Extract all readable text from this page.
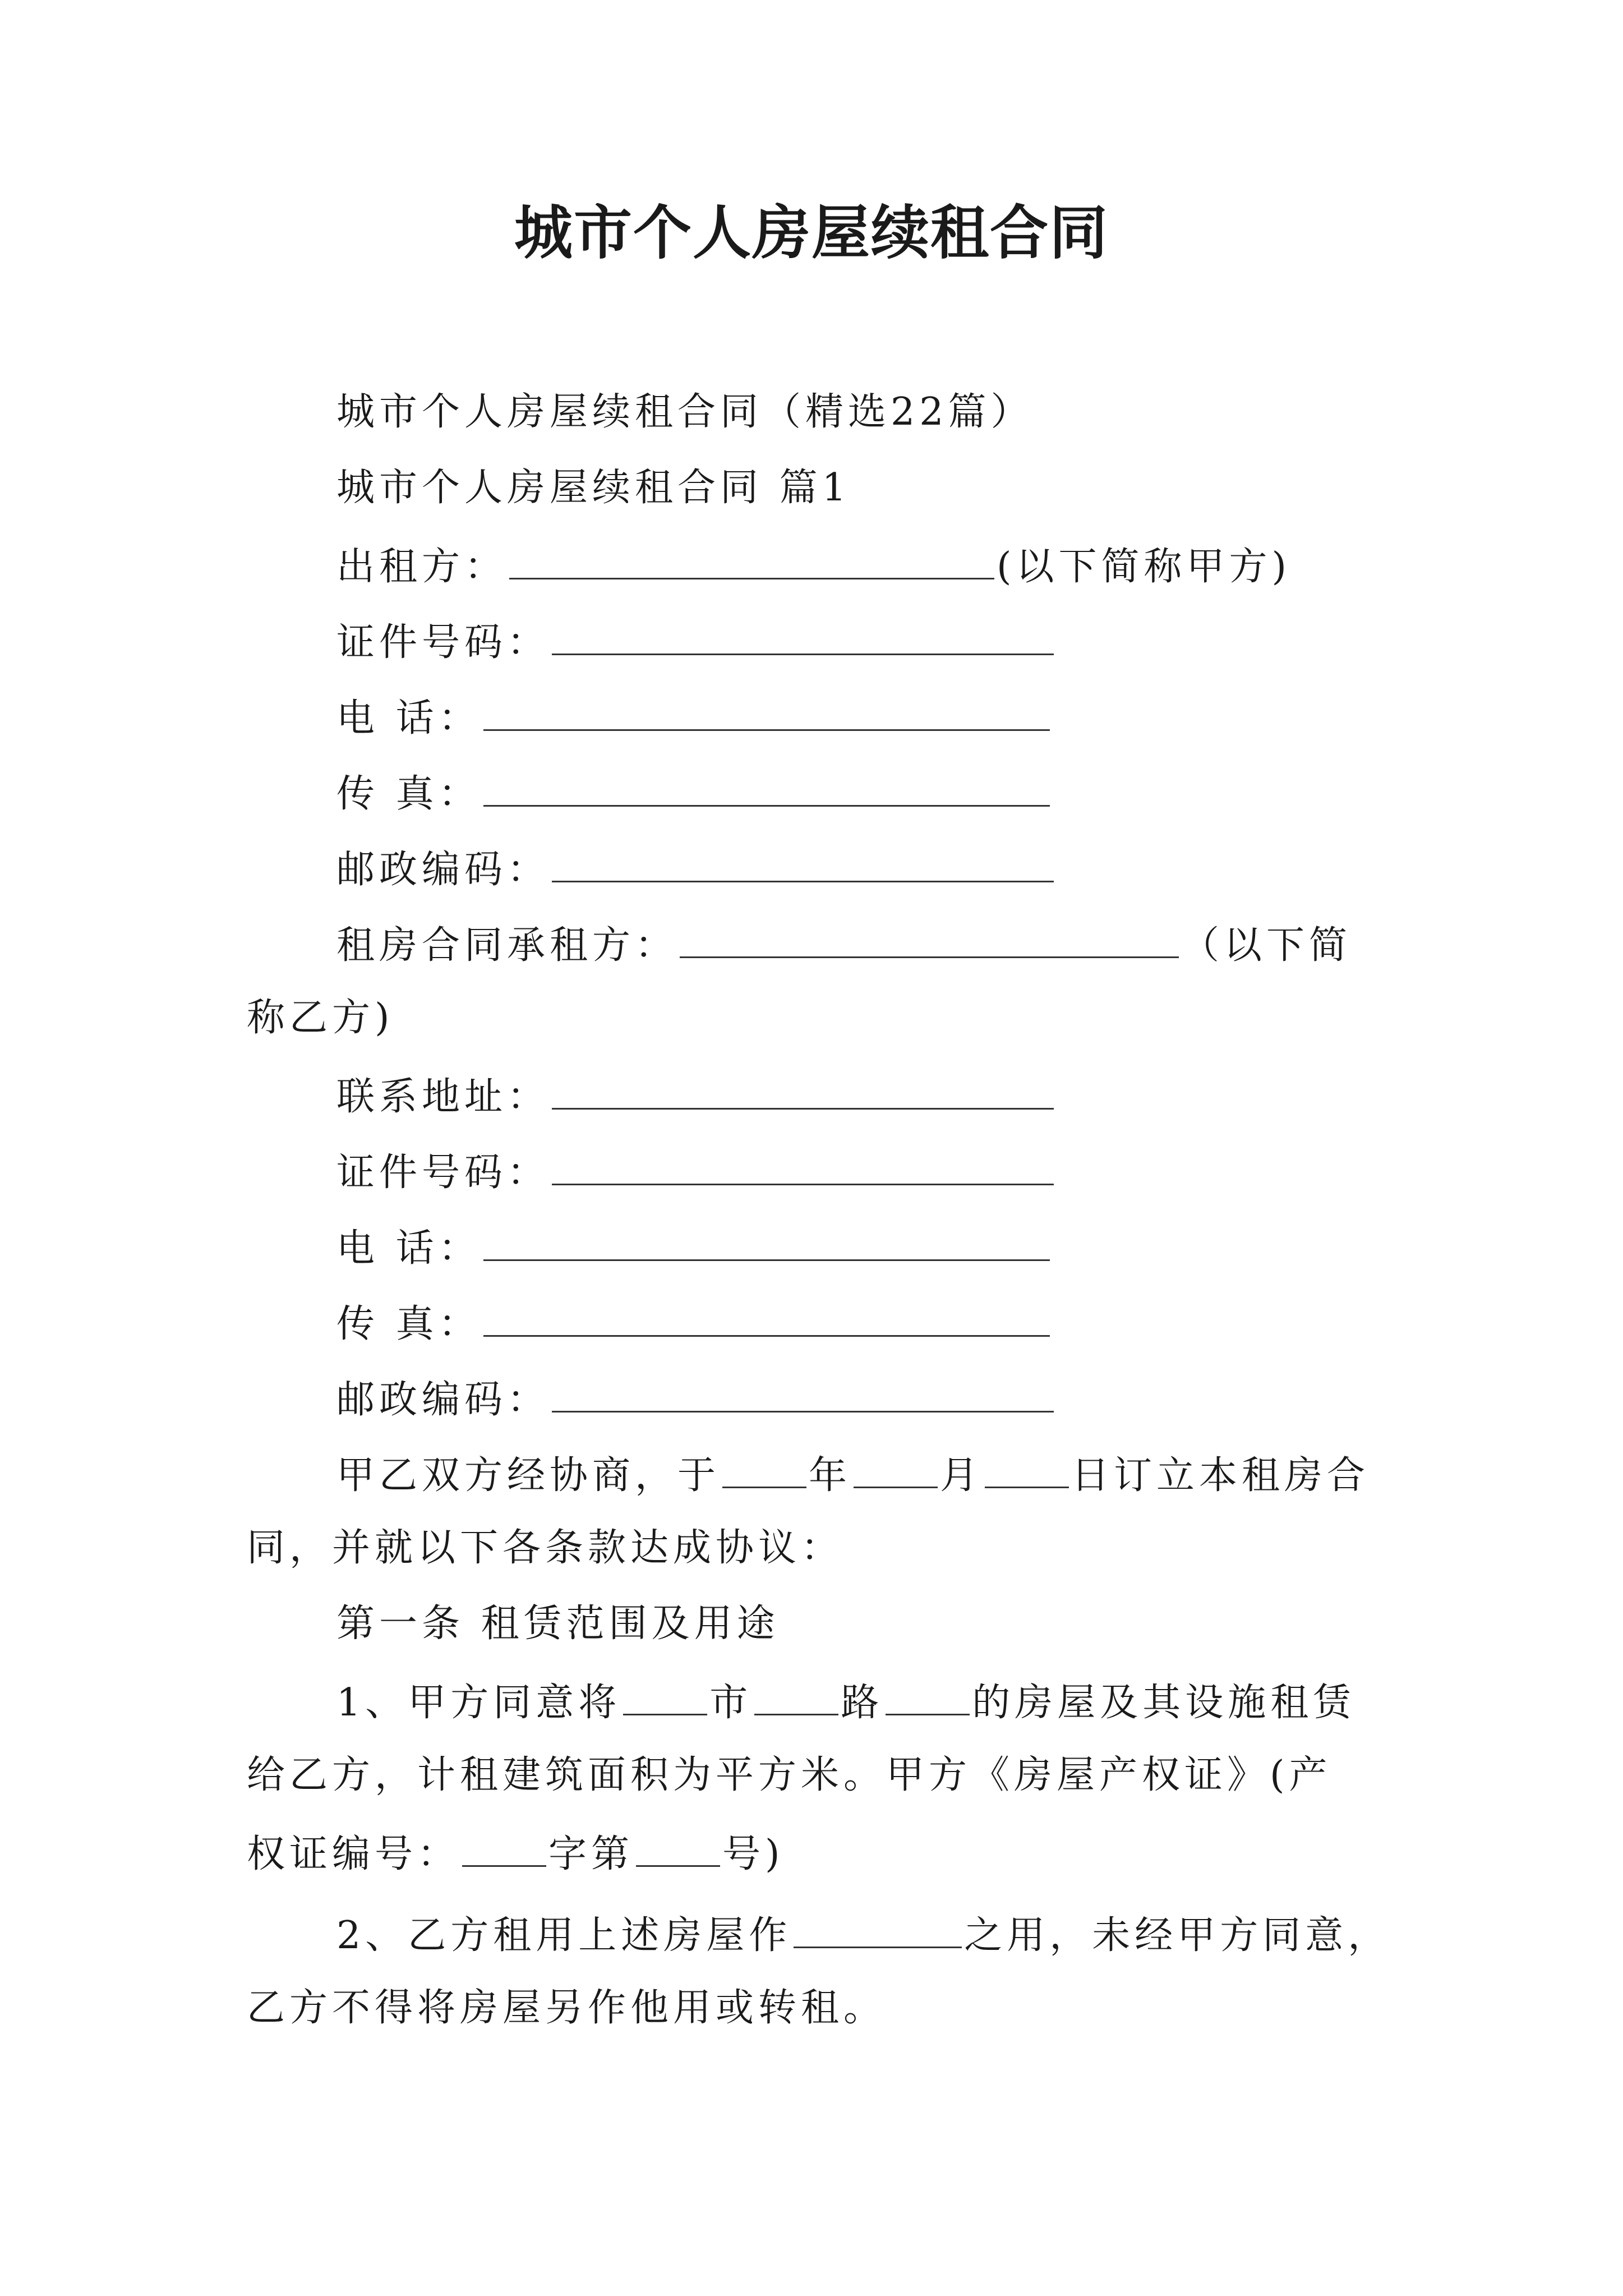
城市个人房屋续租合同
城市个人房屋续租合同（精选22篇）
城市个人房屋续租合同 篇1
出租方：	(以下简称甲方)
证件号码：
电 话：
传 真：
邮政编码：
租房合同承租方：	（以下简
称乙方)
联系地址：
证件号码：
电 话：
传 真：
邮政编码：
甲乙双方经协商，于 年 月 日订立本租房合
同，并就以下各条款达成协议：
第一条 租赁范围及用途
1、甲方同意将 市 路 的房屋及其设施租赁
给乙方，计租建筑面积为平方米。甲方《房屋产权证》(产
权证编号： 字第 号)
2、乙方租用上述房屋作	之用，未经甲方同意，
乙方不得将房屋另作他用或转租。
